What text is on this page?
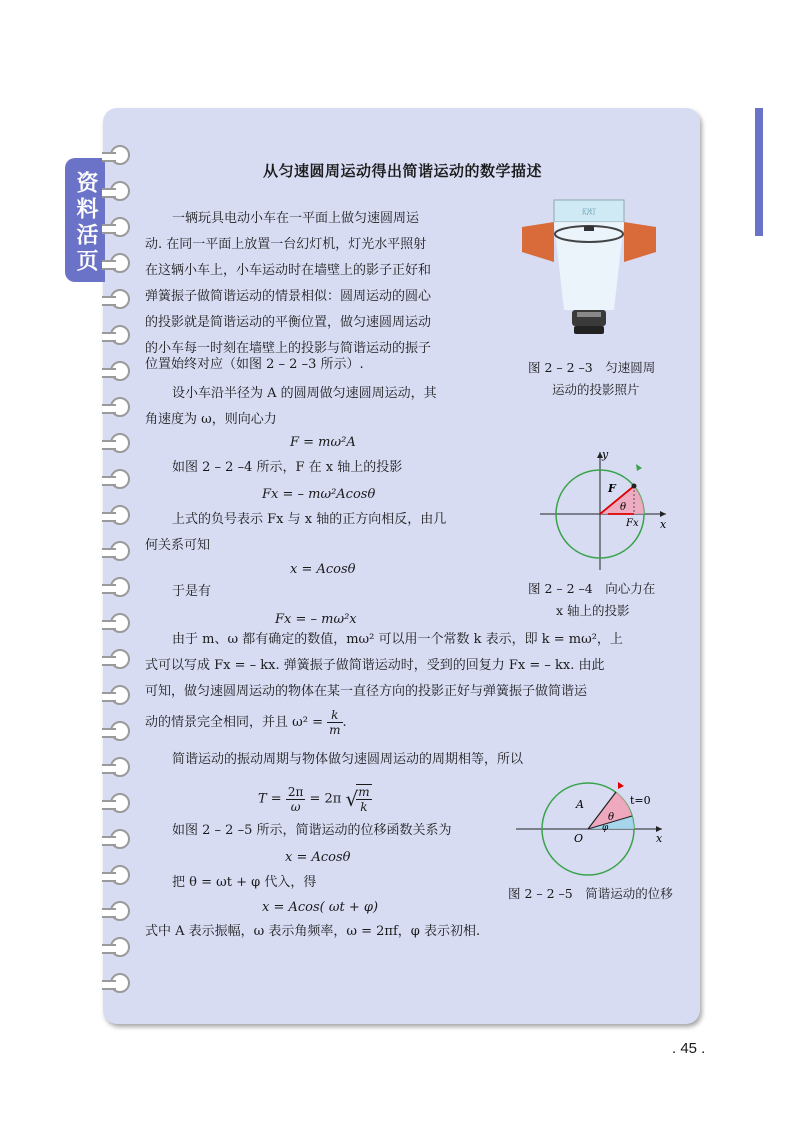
资料活页	从匀速圆周运动得出简谐运动的数学描述
一辆玩具电动小车在一平面上做匀速圆周运
动. 在同一平面上放置一台幻灯机，灯光水平照射
在这辆小车上，小车运动时在墙壁上的影子正好和
弹簧振子做简谐运动的情景相似：圆周运动的圆心
的投影就是简谐运动的平衡位置，做匀速圆周运动
的小车每一时刻在墙壁上的投影与简谐运动的振子
位置始终对应（如图 2 – 2 –3 所示）.
设小车沿半径为 A 的圆周做匀速圆周运动，其
角速度为 ω，则向心力
F = mω²A
如图 2 – 2 –4 所示，F 在 x 轴上的投影
Fx = – mω²Acosθ
上式的负号表示 Fx 与 x 轴的正方向相反，由几
何关系可知
x = Acosθ
于是有
Fx = – mω²x
由于 m、ω 都有确定的数值，mω² 可以用一个常数 k 表示，即 k = mω²，上
式可以写成 Fx = – kx. 弹簧振子做简谐运动时，受到的回复力 Fx = – kx. 由此
可知，做匀速圆周运动的物体在某一直径方向的投影正好与弹簧振子做简谐运
动的情景完全相同，并且 $\omega^2 = \frac{k}{m}$ .
简谐运动的振动周期与物体做匀速圆周运动的周期相等，所以
$T = \frac{2\pi}{\omega} = 2\pi$ √
$\frac{m}{k}$
如图 2 – 2 –5 所示，简谐运动的位移函数关系为
x = Acosθ
把 θ = ωt + φ 代入，得
x = Acos( ωt + φ)
式中 A 表示振幅，ω 表示角频率，ω = 2πf，φ 表示初相.
幻灯
图 2 – 2 –3　匀速圆周
运动的投影照片
y
x
F
θ
Fx
图 2 – 2 –4　向心力在
x 轴上的投影
A
O
θ
φ
x
t=0
图 2 – 2 –5　简谐运动的位移
. 45 .
